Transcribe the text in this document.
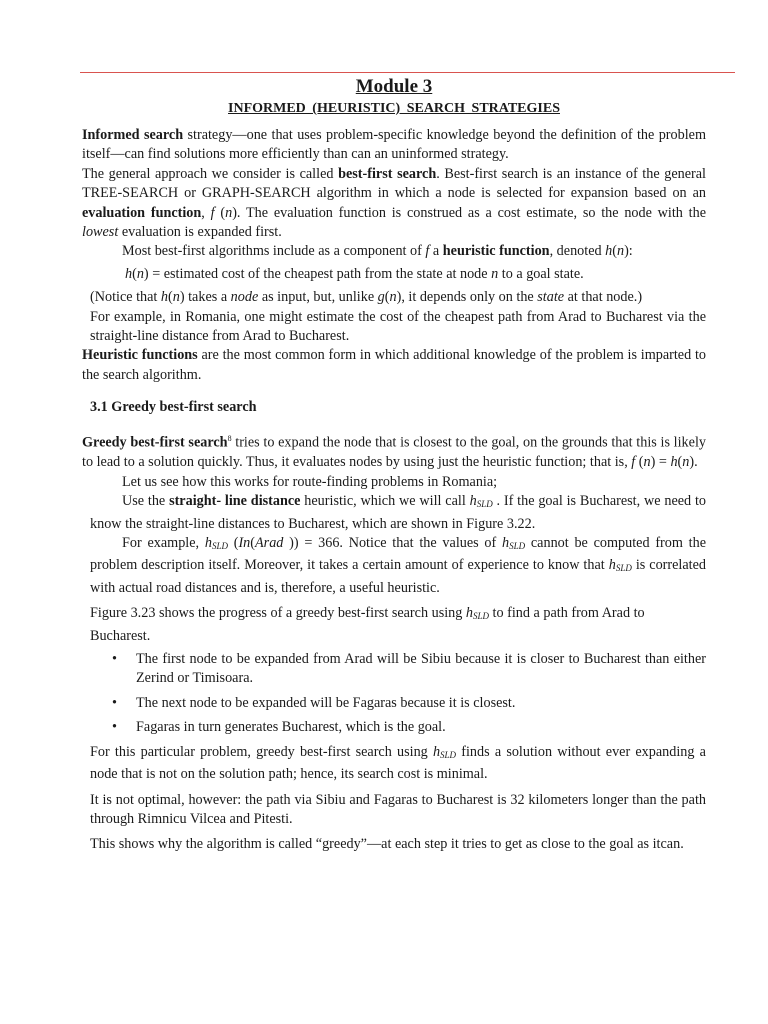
Module 3
INFORMED (HEURISTIC) SEARCH STRATEGIES

Informed search strategy—one that uses problem-specific knowledge beyond the definition of the problem itself—can find solutions more efficiently than can an uninformed strategy.

The general approach we consider is called best-first search. Best-first search is an instance of the general TREE-SEARCH or GRAPH-SEARCH algorithm in which a node is selected for expansion based on an evaluation function, f (n). The evaluation function is construed as a cost estimate, so the node with the lowest evaluation is expanded first.

Most best-first algorithms include as a component of f a heuristic function, denoted h(n):

h(n) = estimated cost of the cheapest path from the state at node n to a goal state.

(Notice that h(n) takes a node as input, but, unlike g(n), it depends only on the state at that node.)

For example, in Romania, one might estimate the cost of the cheapest path from Arad to Bucharest via the straight-line distance from Arad to Bucharest.

Heuristic functions are the most common form in which additional knowledge of the problem is imparted to the search algorithm.

3.1 Greedy best-first search

Greedy best-first search$^8$ tries to expand the node that is closest to the goal, on the grounds that this is likely to lead to a solution quickly. Thus, it evaluates nodes by using just the heuristic function; that is, f (n) = h(n).

Let us see how this works for route-finding problems in Romania;

Use the straight- line distance heuristic, which we will call $h_{SLD}$ . If the goal is Bucharest, we need to know the straight-line distances to Bucharest, which are shown in Figure 3.22.

For example, $h_{SLD}$ (In(Arad )) = 366. Notice that the values of $h_{SLD}$ cannot be computed from the problem description itself. Moreover, it takes a certain amount of experience to know that $h_{SLD}$ is correlated with actual road distances and is, therefore, a useful heuristic.

Figure 3.23 shows the progress of a greedy best-first search using $h_{SLD}$ to find a path from Arad to Bucharest.

• The first node to be expanded from Arad will be Sibiu because it is closer to Bucharest than either Zerind or Timisoara.
• The next node to be expanded will be Fagaras because it is closest.
• Fagaras in turn generates Bucharest, which is the goal.

For this particular problem, greedy best-first search using $h_{SLD}$ finds a solution without ever expanding a node that is not on the solution path; hence, its search cost is minimal.

It is not optimal, however: the path via Sibiu and Fagaras to Bucharest is 32 kilometers longer than the path through Rimnicu Vilcea and Pitesti.

This shows why the algorithm is called “greedy”—at each step it tries to get as close to the goal as itcan.
